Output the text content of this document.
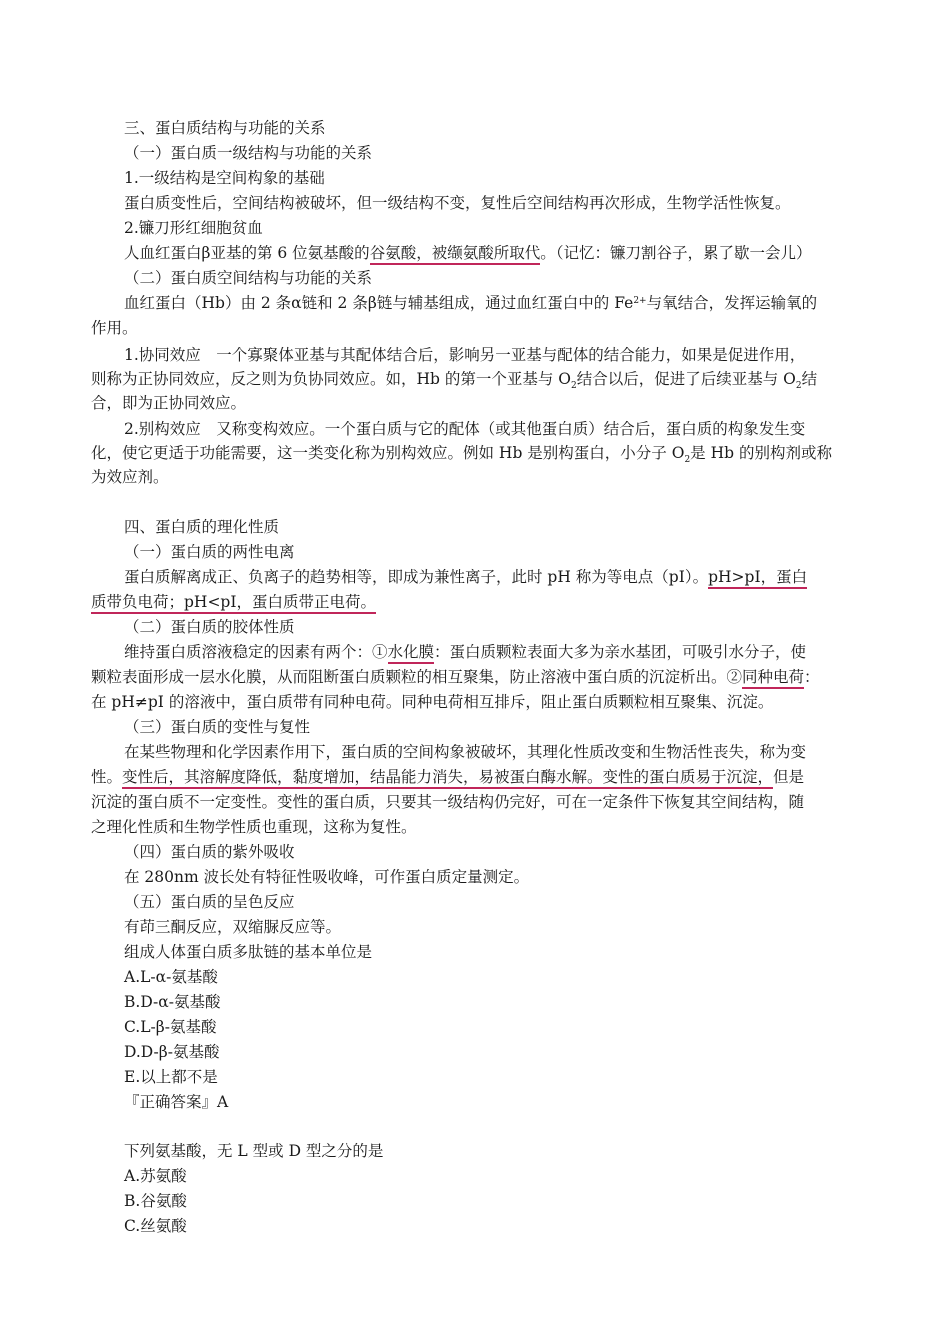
三、蛋白质结构与功能的关系
（一）蛋白质一级结构与功能的关系
1.一级结构是空间构象的基础
蛋白质变性后，空间结构被破坏，但一级结构不变，复性后空间结构再次形成，生物学活性恢复。
2.镰刀形红细胞贫血
人血红蛋白β亚基的第 6 位氨基酸的谷氨酸，被缬氨酸所取代。（记忆：镰刀割谷子，累了歇一会儿）
（二）蛋白质空间结构与功能的关系
血红蛋白（Hb）由 2 条α链和 2 条β链与辅基组成，通过血红蛋白中的 $Fe^{2+}$与氧结合，发挥运输氧的
作用。
1.协同效应　一个寡聚体亚基与其配体结合后，影响另一亚基与配体的结合能力，如果是促进作用，
则称为正协同效应，反之则为负协同效应。如，Hb 的第一个亚基与 $O_2$结合以后，促进了后续亚基与 $O_2$结
合，即为正协同效应。
2.别构效应　又称变构效应。一个蛋白质与它的配体（或其他蛋白质）结合后，蛋白质的构象发生变
化，使它更适于功能需要，这一类变化称为别构效应。例如 Hb 是别构蛋白，小分子 $O_2$是 Hb 的别构剂或称
为效应剂。
四、蛋白质的理化性质
（一）蛋白质的两性电离
蛋白质解离成正、负离子的趋势相等，即成为兼性离子，此时 pH 称为等电点（pI）。pH>pI，蛋白
质带负电荷；pH<pI，蛋白质带正电荷。
（二）蛋白质的胶体性质
维持蛋白质溶液稳定的因素有两个：①水化膜：蛋白质颗粒表面大多为亲水基团，可吸引水分子，使
颗粒表面形成一层水化膜，从而阻断蛋白质颗粒的相互聚集，防止溶液中蛋白质的沉淀析出。②同种电荷：
在 pH≠pI 的溶液中，蛋白质带有同种电荷。同种电荷相互排斥，阻止蛋白质颗粒相互聚集、沉淀。
（三）蛋白质的变性与复性
在某些物理和化学因素作用下，蛋白质的空间构象被破坏，其理化性质改变和生物活性丧失，称为变
性。变性后，其溶解度降低，黏度增加，结晶能力消失，易被蛋白酶水解。变性的蛋白质易于沉淀，但是
沉淀的蛋白质不一定变性。变性的蛋白质，只要其一级结构仍完好，可在一定条件下恢复其空间结构，随
之理化性质和生物学性质也重现，这称为复性。
（四）蛋白质的紫外吸收
在 280nm 波长处有特征性吸收峰，可作蛋白质定量测定。
（五）蛋白质的呈色反应
有茚三酮反应，双缩脲反应等。
组成人体蛋白质多肽链的基本单位是
A.L-α-氨基酸
B.D-α-氨基酸
C.L-β-氨基酸
D.D-β-氨基酸
E.以上都不是
『正确答案』A
下列氨基酸，无 L 型或 D 型之分的是
A.苏氨酸
B.谷氨酸
C.丝氨酸
